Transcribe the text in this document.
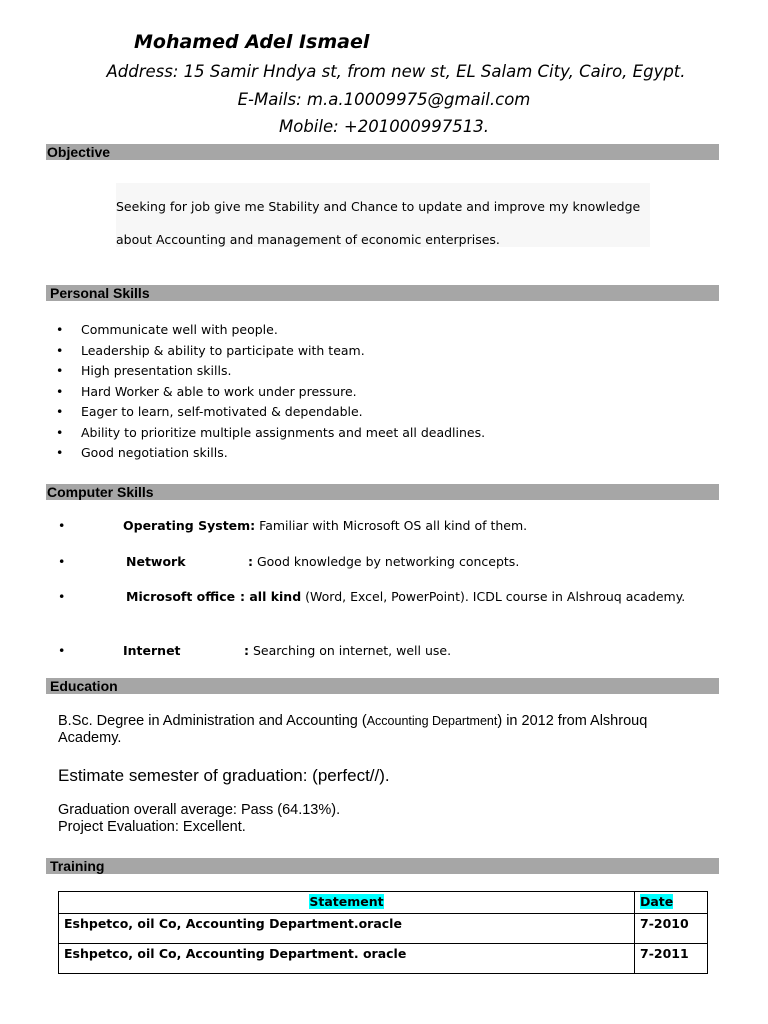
Mohamed Adel Ismael
Address: 15 Samir Hndya st, from new st, EL Salam City, Cairo, Egypt.
E-Mails: m.a.10009975@gmail.com
Mobile: +201000997513.
Objective
Seeking for job give me Stability and Chance to update and improve my knowledge
about Accounting and management of economic enterprises.
Personal Skills
• Communicate well with people.
• Leadership & ability to participate with team.
• High presentation skills.
• Hard Worker & able to work under pressure.
• Eager to learn, self-motivated & dependable.
• Ability to prioritize multiple assignments and meet all deadlines.
• Good negotiation skills.
Computer Skills
•	Operating System: Familiar with Microsoft OS all kind of them.
•	Network	: Good knowledge by networking concepts.
•	Microsoft office : all kind (Word, Excel, PowerPoint). ICDL course in Alshrouq academy.
•	Internet	: Searching on internet, well use.
Education
B.Sc. Degree in Administration and Accounting (Accounting Department) in 2012 from Alshrouq
Academy.
Estimate semester of graduation: (perfect//).
Graduation overall average: Pass (64.13%).
Project Evaluation: Excellent.
Training
Statement	Date
Eshpetco, oil Co, Accounting Department.oracle	7-2010
Eshpetco, oil Co, Accounting Department. oracle	7-2011
